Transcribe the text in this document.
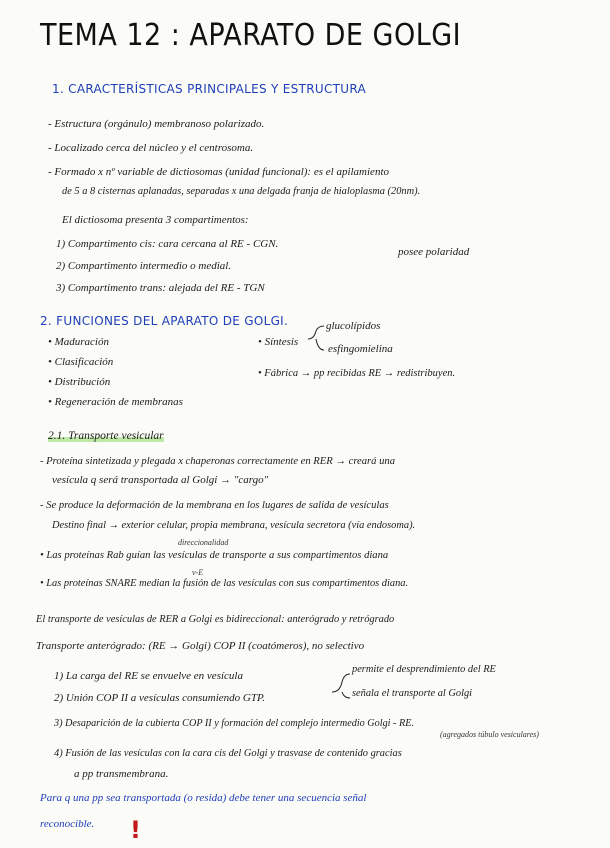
TEMA 12 : APARATO DE GOLGI
1. CARACTERÍSTICAS PRINCIPALES Y ESTRUCTURA
- Estructura (orgánulo) membranoso polarizado.
- Localizado cerca del núcleo y el centrosoma.
- Formado x nº variable de dictiosomas (unidad funcional): es el apilamiento
de 5 a 8 cisternas aplanadas, separadas x una delgada franja de hialoplasma (20nm).
El dictiosoma presenta 3 compartimentos:
1) Compartimento cis: cara cercana al RE - CGN.
2) Compartimento intermedio o medial.
3) Compartimento trans: alejada del RE - TGN
posee polaridad
2. FUNCIONES DEL APARATO DE GOLGI.
• Maduración
• Clasificación
• Distribución
• Regeneración de membranas
• Síntesis
glucolípidos
esfingomielina
• Fábrica → pp recibidas RE → redistribuyen.
2.1. Transporte vesicular
- Proteína sintetizada y plegada x chaperonas correctamente en RER → creará una
vesícula q será transportada al Golgi → "cargo"
- Se produce la deformación de la membrana en los lugares de salida de vesículas
Destino final → exterior celular, propia membrana, vesícula secretora (vía endosoma).
direccionalidad
v-E
• Las proteínas Rab guían las vesículas de transporte a sus compartimentos diana
• Las proteínas SNARE median la fusión de las vesículas con sus compartimentos diana.
El transporte de vesículas de RER a Golgi es bidireccional: anterógrado y retrógrado
Transporte anterógrado: (RE → Golgi) COP II (coatómeros), no selectivo
1) La carga del RE se envuelve en vesícula
2) Unión COP II a vesículas consumiendo GTP.
permite el desprendimiento del RE
señala el transporte al Golgi
3) Desaparición de la cubierta COP II y formación del complejo intermedio Golgi - RE.
(agregados túbulo vesiculares)
4) Fusión de las vesículas con la cara cis del Golgi y trasvase de contenido gracias
a pp transmembrana.
Para q una pp sea transportada (o resida) debe tener una secuencia señal
reconocible. !
